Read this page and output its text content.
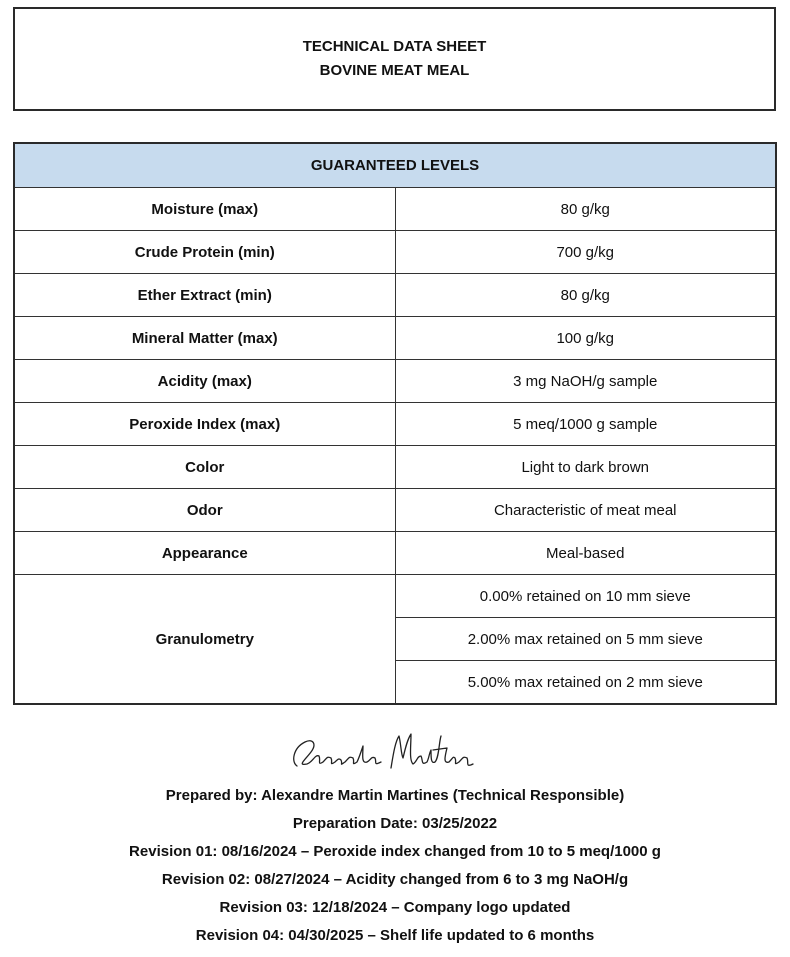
TECHNICAL DATA SHEET
BOVINE MEAT MEAL
GUARANTEED LEVELS	
Moisture (max)	80 g/kg
Crude Protein (min)	700 g/kg
Ether Extract (min)	80 g/kg
Mineral Matter (max)	100 g/kg
Acidity (max)	3 mg NaOH/g sample
Peroxide Index (max)	5 meq/1000 g sample
Color	Light to dark brown
Odor	Characteristic of meat meal
Appearance	Meal-based
Granulometry	0.00% retained on 10 mm sieve
	2.00% max retained on 5 mm sieve
	5.00% max retained on 2 mm sieve
Prepared by: Alexandre Martin Martines (Technical Responsible)
Preparation Date: 03/25/2022
Revision 01: 08/16/2024 – Peroxide index changed from 10 to 5 meq/1000 g
Revision 02: 08/27/2024 – Acidity changed from 6 to 3 mg NaOH/g
Revision 03: 12/18/2024 – Company logo updated
Revision 04: 04/30/2025 – Shelf life updated to 6 months
